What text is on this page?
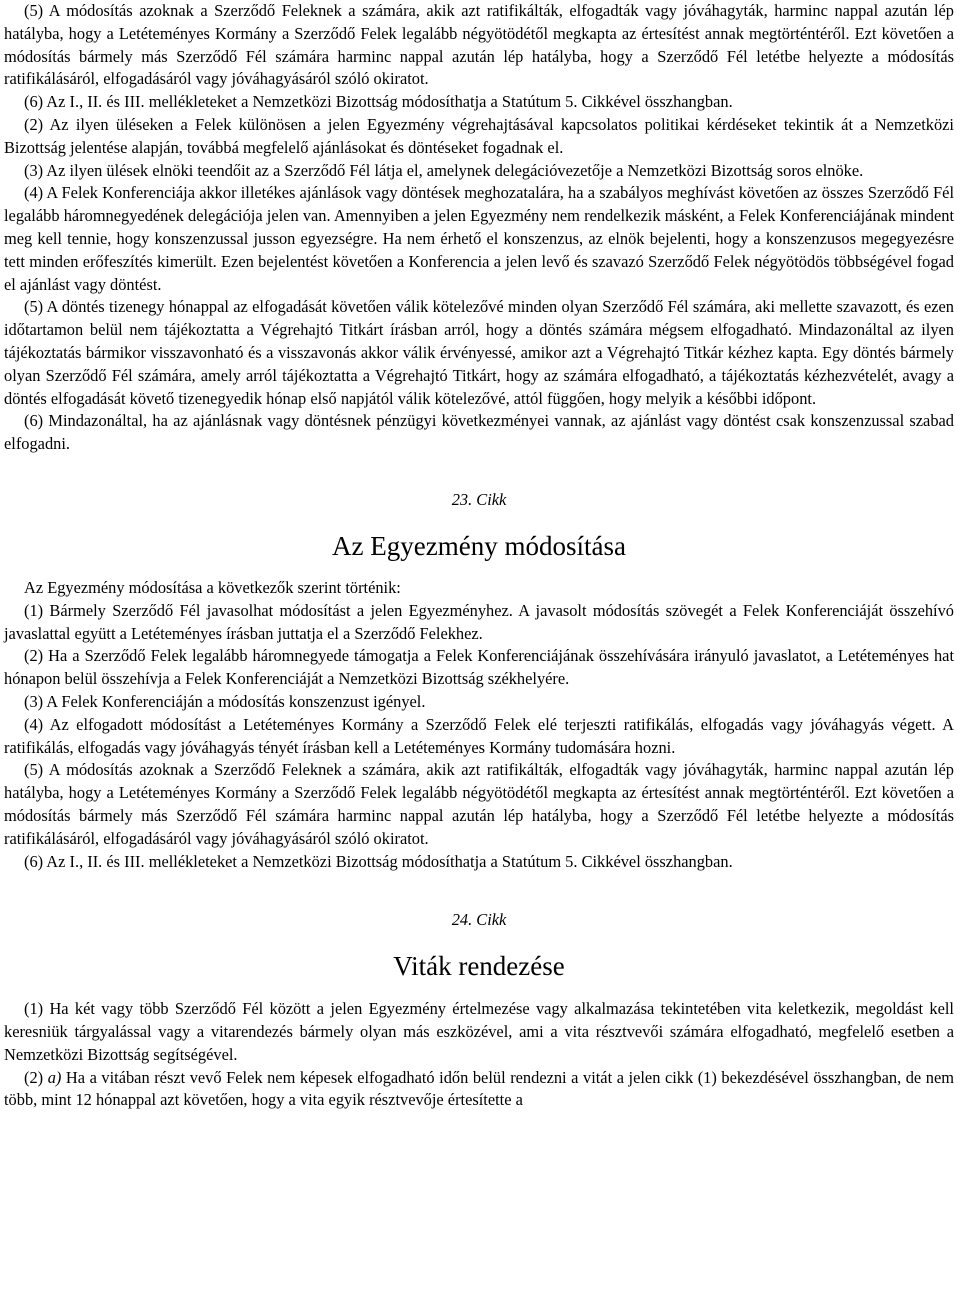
(5) A módosítás azoknak a Szerződő Feleknek a számára, akik azt ratifikálták, elfogadták vagy jóváhagyták, harminc nappal azután lép hatályba, hogy a Letéteményes Kormány a Szerződő Felek legalább négyötödétől megkapta az értesítést annak megtörténtéről. Ezt követően a módosítás bármely más Szerződő Fél számára harminc nappal azután lép hatályba, hogy a Szerződő Fél letétbe helyezte a módosítás ratifikálásáról, elfogadásáról vagy jóváhagyásáról szóló okiratot.

(6) Az I., II. és III. mellékleteket a Nemzetközi Bizottság módosíthatja a Statútum 5. Cikkével összhangban.

(2) Az ilyen üléseken a Felek különösen a jelen Egyezmény végrehajtásával kapcsolatos politikai kérdéseket tekintik át a Nemzetközi Bizottság jelentése alapján, továbbá megfelelő ajánlásokat és döntéseket fogadnak el.

(3) Az ilyen ülések elnöki teendőit az a Szerződő Fél látja el, amelynek delegációvezetője a Nemzetközi Bizottság soros elnöke.

(4) A Felek Konferenciája akkor illetékes ajánlások vagy döntések meghozatalára, ha a szabályos meghívást követően az összes Szerződő Fél legalább háromnegyedének delegációja jelen van. Amennyiben a jelen Egyezmény nem rendelkezik másként, a Felek Konferenciájának mindent meg kell tennie, hogy konszenzussal jusson egyezségre. Ha nem érhető el konszenzus, az elnök bejelenti, hogy a konszenzusos megegyezésre tett minden erőfeszítés kimerült. Ezen bejelentést követően a Konferencia a jelen levő és szavazó Szerződő Felek négyötödös többségével fogad el ajánlást vagy döntést.

(5) A döntés tizenegy hónappal az elfogadását követően válik kötelezővé minden olyan Szerződő Fél számára, aki mellette szavazott, és ezen időtartamon belül nem tájékoztatta a Végrehajtó Titkárt írásban arról, hogy a döntés számára mégsem elfogadható. Mindazonáltal az ilyen tájékoztatás bármikor visszavonható és a visszavonás akkor válik érvényessé, amikor azt a Végrehajtó Titkár kézhez kapta. Egy döntés bármely olyan Szerződő Fél számára, amely arról tájékoztatta a Végrehajtó Titkárt, hogy az számára elfogadható, a tájékoztatás kézhezvételét, avagy a döntés elfogadását követő tizenegyedik hónap első napjától válik kötelezővé, attól függően, hogy melyik a későbbi időpont.

(6) Mindazonáltal, ha az ajánlásnak vagy döntésnek pénzügyi következményei vannak, az ajánlást vagy döntést csak konszenzussal szabad elfogadni.

23. Cikk

Az Egyezmény módosítása

Az Egyezmény módosítása a következők szerint történik:

(1) Bármely Szerződő Fél javasolhat módosítást a jelen Egyezményhez. A javasolt módosítás szövegét a Felek Konferenciáját összehívó javaslattal együtt a Letéteményes írásban juttatja el a Szerződő Felekhez.

(2) Ha a Szerződő Felek legalább háromnegyede támogatja a Felek Konferenciájának összehívására irányuló javaslatot, a Letéteményes hat hónapon belül összehívja a Felek Konferenciáját a Nemzetközi Bizottság székhelyére.

(3) A Felek Konferenciáján a módosítás konszenzust igényel.

(4) Az elfogadott módosítást a Letéteményes Kormány a Szerződő Felek elé terjeszti ratifikálás, elfogadás vagy jóváhagyás végett. A ratifikálás, elfogadás vagy jóváhagyás tényét írásban kell a Letéteményes Kormány tudomására hozni.

(5) A módosítás azoknak a Szerződő Feleknek a számára, akik azt ratifikálták, elfogadták vagy jóváhagyták, harminc nappal azután lép hatályba, hogy a Letéteményes Kormány a Szerződő Felek legalább négyötödétől megkapta az értesítést annak megtörténtéről. Ezt követően a módosítás bármely más Szerződő Fél számára harminc nappal azután lép hatályba, hogy a Szerződő Fél letétbe helyezte a módosítás ratifikálásáról, elfogadásáról vagy jóváhagyásáról szóló okiratot.

(6) Az I., II. és III. mellékleteket a Nemzetközi Bizottság módosíthatja a Statútum 5. Cikkével összhangban.

24. Cikk

Viták rendezése

(1) Ha két vagy több Szerződő Fél között a jelen Egyezmény értelmezése vagy alkalmazása tekintetében vita keletkezik, megoldást kell keresniük tárgyalással vagy a vitarendezés bármely olyan más eszközével, ami a vita résztvevői számára elfogadható, megfelelő esetben a Nemzetközi Bizottság segítségével.

(2) a) Ha a vitában részt vevő Felek nem képesek elfogadható időn belül rendezni a vitát a jelen cikk (1) bekezdésével összhangban, de nem több, mint 12 hónappal azt követően, hogy a vita egyik résztvevője értesítette a
